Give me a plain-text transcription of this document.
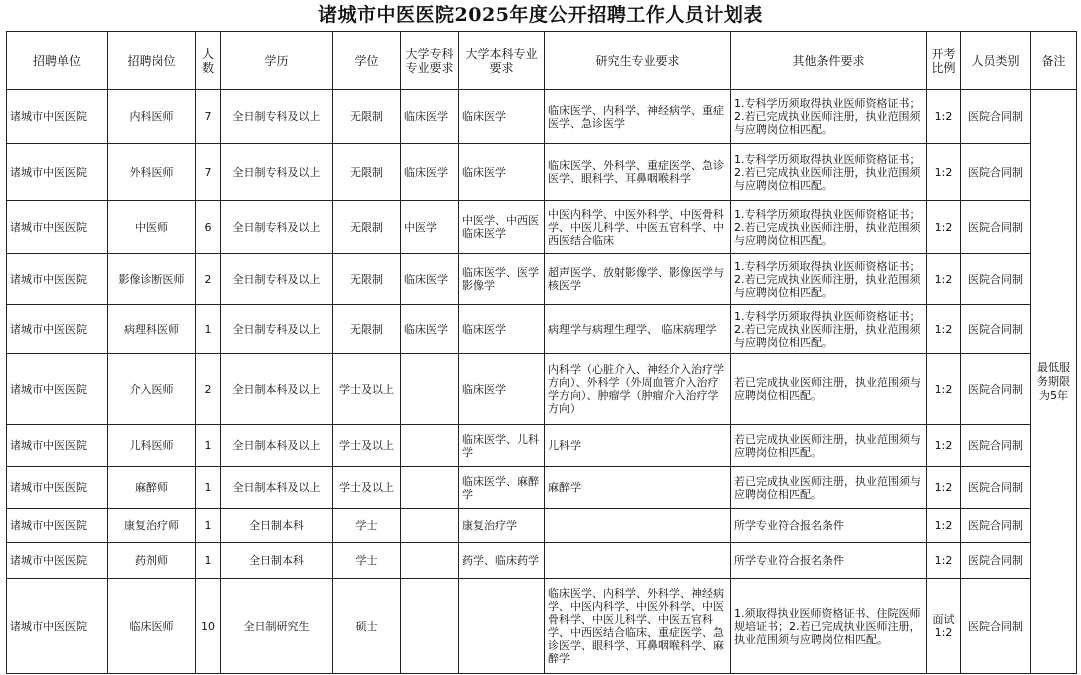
诸城市中医医院2025年度公开招聘工作人员计划表
招聘单位	招聘岗位	人数	学历	学位	大学专科专业要求	大学本科专业要求	研究生专业要求	其他条件要求	开考比例	人员类别	备注
诸城市中医医院	内科医师	7	全日制专科及以上	无限制	临床医学	临床医学	临床医学、内科学、神经病学、重症医学、急诊医学	1.专科学历须取得执业医师资格证书；2.若已完成执业医师注册，执业范围须与应聘岗位相匹配。	1:2	医院合同制	最低服务期限为5年
诸城市中医医院	外科医师	7	全日制专科及以上	无限制	临床医学	临床医学	临床医学、外科学、重症医学、急诊医学、眼科学、耳鼻咽喉科学	1.专科学历须取得执业医师资格证书；2.若已完成执业医师注册，执业范围须与应聘岗位相匹配。	1:2	医院合同制	
诸城市中医医院	中医师	6	全日制专科及以上	无限制	中医学	中医学、中西医临床医学	中医内科学、中医外科学、中医骨科学、中医儿科学、中医五官科学、中西医结合临床	1.专科学历须取得执业医师资格证书；2.若已完成执业医师注册，执业范围须与应聘岗位相匹配。	1:2	医院合同制	
诸城市中医医院	影像诊断医师	2	全日制专科及以上	无限制	临床医学	临床医学、医学影像学	超声医学、放射影像学、影像医学与核医学	1.专科学历须取得执业医师资格证书；2.若已完成执业医师注册，执业范围须与应聘岗位相匹配。	1:2	医院合同制	
诸城市中医医院	病理科医师	1	全日制专科及以上	无限制	临床医学	临床医学	病理学与病理生理学、 临床病理学	1.专科学历须取得执业医师资格证书；2.若已完成执业医师注册，执业范围须与应聘岗位相匹配。	1:2	医院合同制	
诸城市中医医院	介入医师	2	全日制本科及以上	学士及以上		临床医学	内科学（心脏介入、神经介入治疗学方向）、外科学（外周血管介入治疗学方向）、肿瘤学（肿瘤介入治疗学方向）	若已完成执业医师注册，执业范围须与应聘岗位相匹配。	1:2	医院合同制	
诸城市中医医院	儿科医师	1	全日制本科及以上	学士及以上		临床医学、儿科学	儿科学	若已完成执业医师注册，执业范围须与应聘岗位相匹配。	1:2	医院合同制	
诸城市中医医院	麻醉师	1	全日制本科及以上	学士及以上		临床医学、麻醉学	麻醉学	若已完成执业医师注册，执业范围须与应聘岗位相匹配。	1:2	医院合同制	
诸城市中医医院	康复治疗师	1	全日制本科	学士		康复治疗学		所学专业符合报名条件	1:2	医院合同制	
诸城市中医医院	药剂师	1	全日制本科	学士		药学、临床药学		所学专业符合报名条件	1:2	医院合同制	
诸城市中医医院	临床医师	10	全日制研究生	硕士			临床医学、内科学、外科学、神经病学、中医内科学、中医外科学、中医骨科学、中医儿科学、中医五官科学、中西医结合临床、重症医学、急诊医学、眼科学、耳鼻咽喉科学、麻醉学	1.须取得执业医师资格证书、住院医师规培证书；2.若已完成执业医师注册，执业范围须与应聘岗位相匹配。	面试1:2	医院合同制	
